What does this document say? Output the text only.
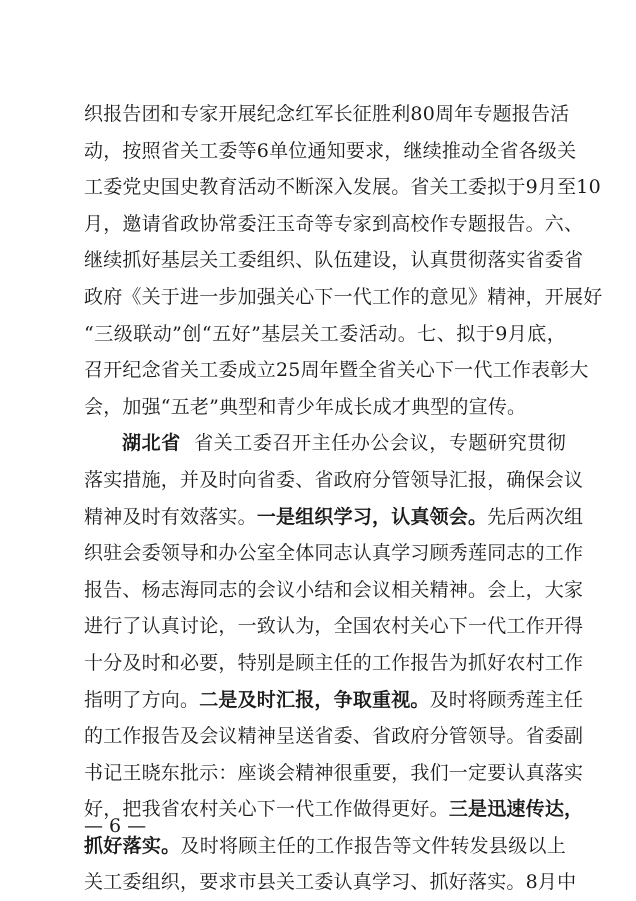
织报告团和专家开展纪念红军长征胜利80周年专题报告活
动，按照省关工委等6单位通知要求，继续推动全省各级关
工委党史国史教育活动不断深入发展。省关工委拟于9月至10
月，邀请省政协常委汪玉奇等专家到高校作专题报告。六、
继续抓好基层关工委组织、队伍建设，认真贯彻落实省委省
政府《关于进一步加强关心下一代工作的意见》精神，开展好
“三级联动”创“五好”基层关工委活动。七、拟于9月底，
召开纪念省关工委成立25周年暨全省关心下一代工作表彰大
会，加强“五老”典型和青少年成长成才典型的宣传。
湖北省  省关工委召开主任办公会议，专题研究贯彻
落实措施，并及时向省委、省政府分管领导汇报，确保会议
精神及时有效落实。一是组织学习，认真领会。先后两次组
织驻会委领导和办公室全体同志认真学习顾秀莲同志的工作
报告、杨志海同志的会议小结和会议相关精神。会上，大家
进行了认真讨论，一致认为，全国农村关心下一代工作开得
十分及时和必要，特别是顾主任的工作报告为抓好农村工作
指明了方向。二是及时汇报，争取重视。及时将顾秀莲主任
的工作报告及会议精神呈送省委、省政府分管领导。省委副
书记王晓东批示：座谈会精神很重要，我们一定要认真落实
好，把我省农村关心下一代工作做得更好。三是迅速传达，
抓好落实。及时将顾主任的工作报告等文件转发县级以上
关工委组织，要求市县关工委认真学习、抓好落实。8月中
— 6 —
